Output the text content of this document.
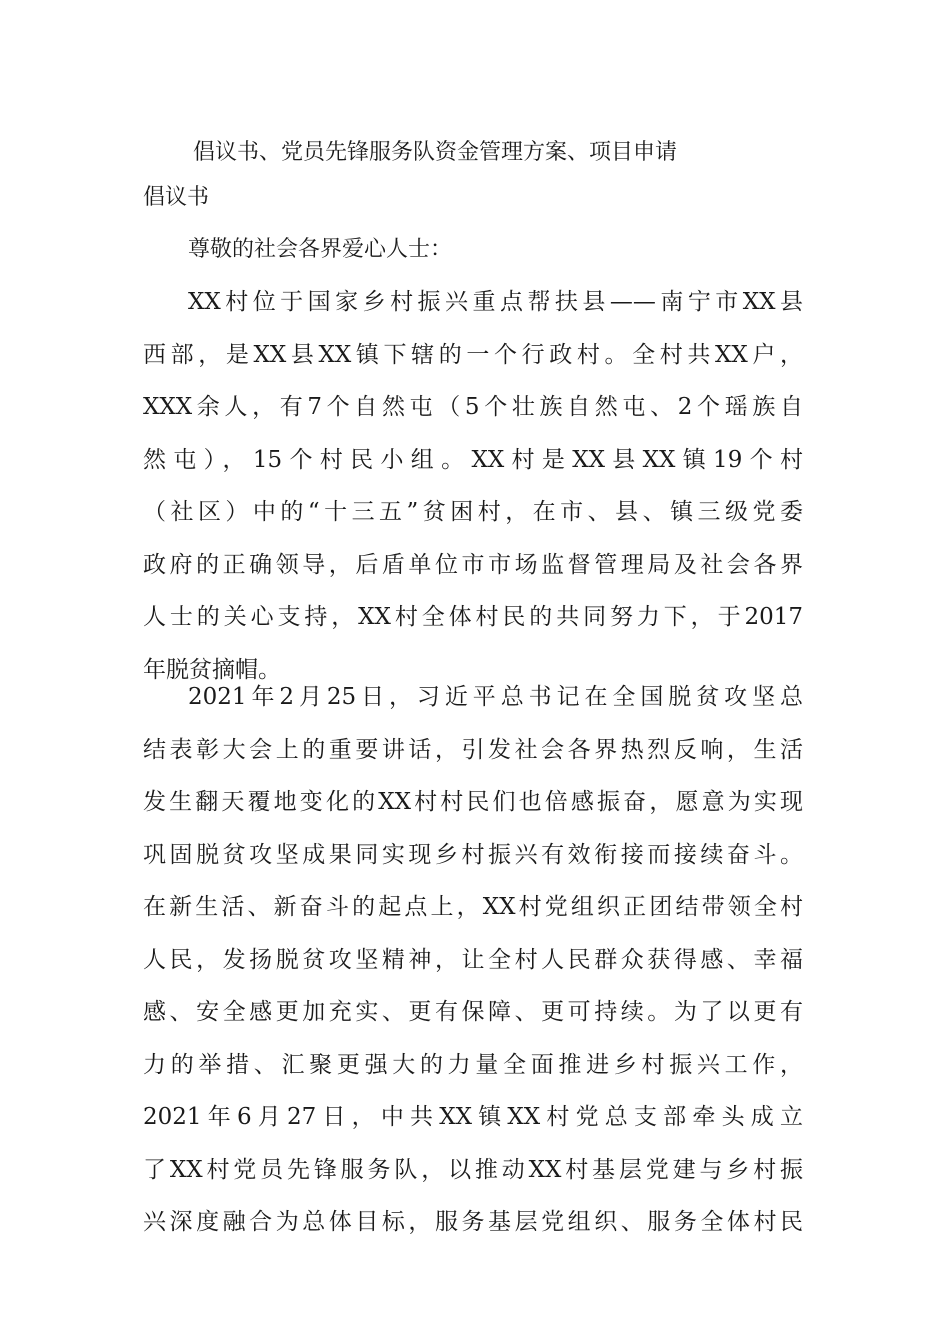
倡议书、党员先锋服务队资金管理方案、项目申请
倡议书
尊敬的社会各界爱心人士：
XX村位于国家乡村振兴重点帮扶县——南宁市XX县
西部，是XX县XX镇下辖的一个行政村。全村共XX户，
XXX余人，有7个自然屯（5个壮族自然屯、2个瑶族自
然屯），15个村民小组。XX村是XX县XX镇19个村
（社区）中的“十三五”贫困村，在市、县、镇三级党委
政府的正确领导，后盾单位市市场监督管理局及社会各界
人士的关心支持，XX村全体村民的共同努力下，于2017
年脱贫摘帽。
2021年2月25日，习近平总书记在全国脱贫攻坚总
结表彰大会上的重要讲话，引发社会各界热烈反响，生活
发生翻天覆地变化的XX村村民们也倍感振奋，愿意为实现
巩固脱贫攻坚成果同实现乡村振兴有效衔接而接续奋斗。
在新生活、新奋斗的起点上，XX村党组织正团结带领全村
人民，发扬脱贫攻坚精神，让全村人民群众获得感、幸福
感、安全感更加充实、更有保障、更可持续。为了以更有
力的举措、汇聚更强大的力量全面推进乡村振兴工作，
2021年6月27日，中共XX镇XX村党总支部牵头成立
了XX村党员先锋服务队，以推动XX村基层党建与乡村振
兴深度融合为总体目标，服务基层党组织、服务全体村民
